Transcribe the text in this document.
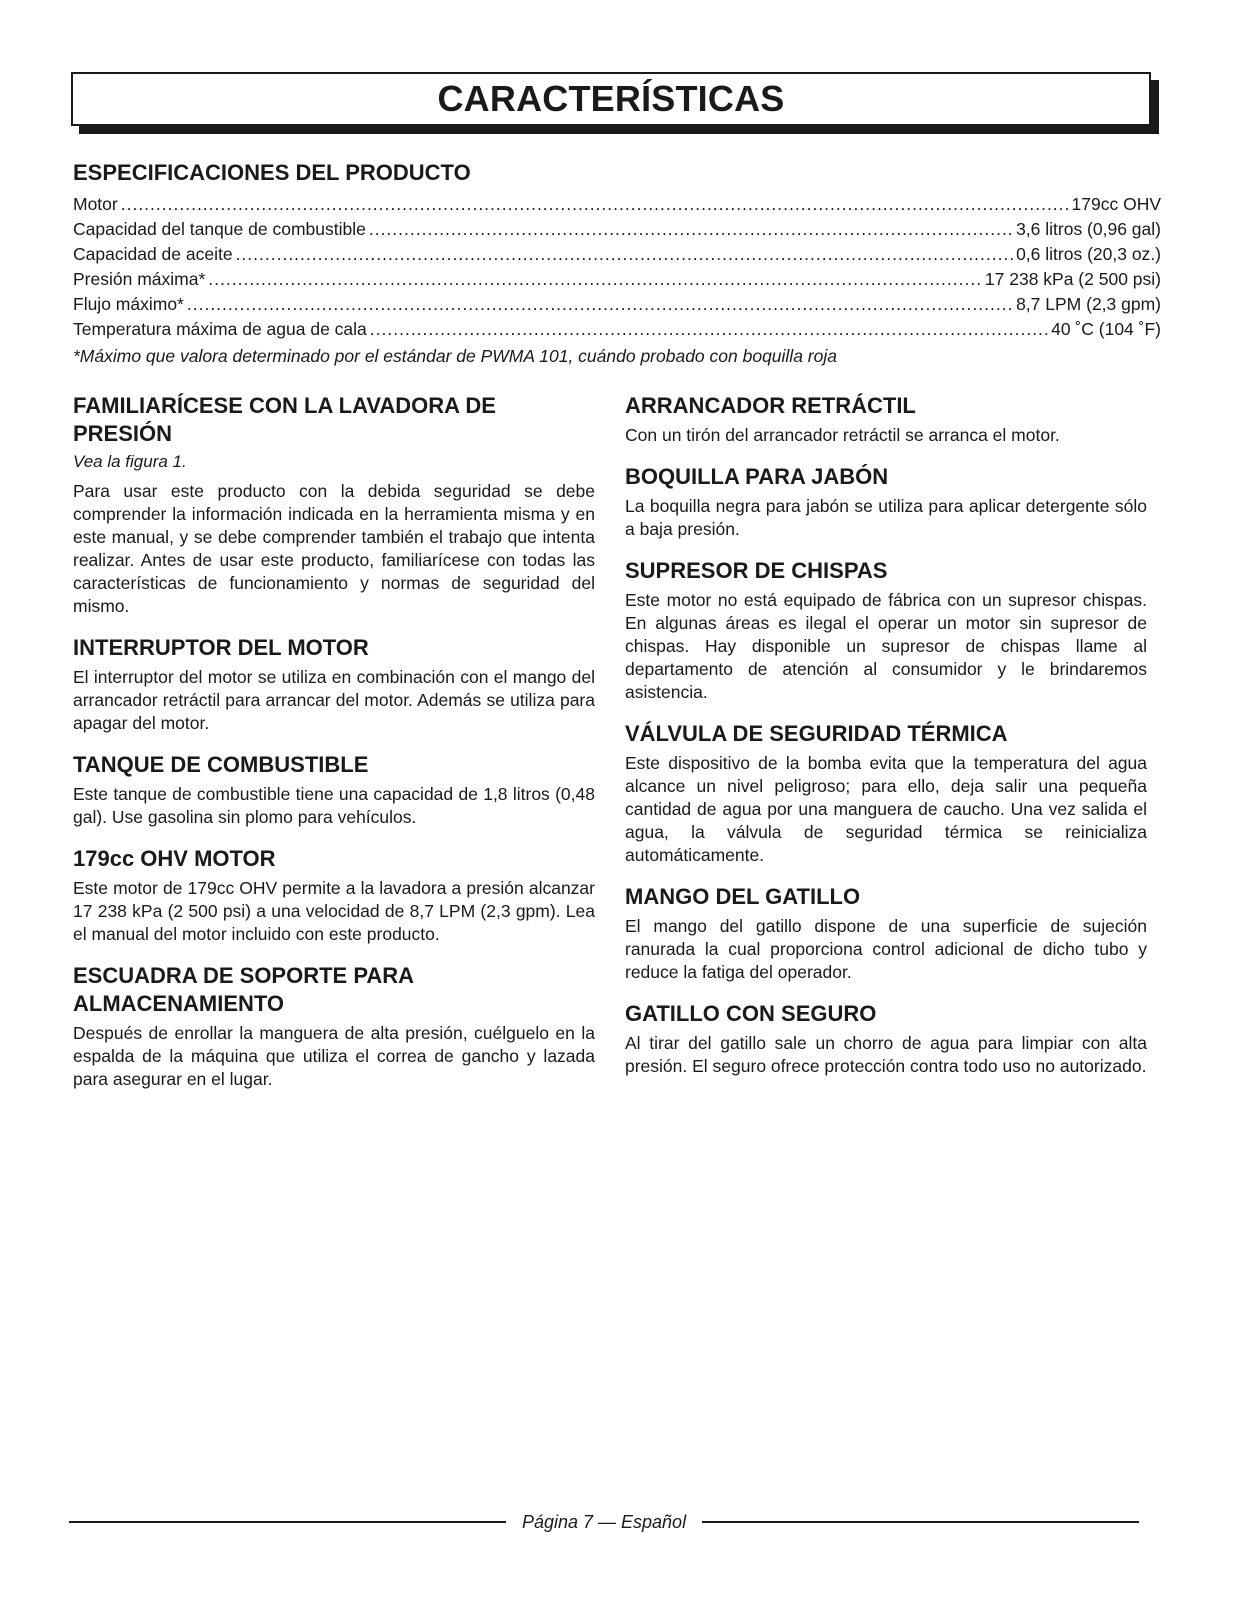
CARACTERÍSTICAS
ESPECIFICACIONES DEL PRODUCTO
Motor .....	179cc OHV
Capacidad del tanque de combustible .....	3,6 litros (0,96 gal)
Capacidad de aceite .....	0,6 litros (20,3 oz.)
Presión máxima* .....	17 238 kPa (2 500 psi)
Flujo máximo* .....	8,7 LPM (2,3 gpm)
Temperatura máxima de agua de cala .....	40 ˚C (104 ˚F)
*Máximo que valora determinado por el estándar de PWMA 101, cuándo probado con boquilla roja
FAMILIARÍCESE CON LA LAVADORA DE PRESIÓN
Vea la figura 1.

Para usar este producto con la debida seguridad se debe comprender la información indicada en la herramienta misma y en este manual, y se debe comprender también el trabajo que intenta realizar. Antes de usar este producto, familiarícese con todas las características de funcionamiento y normas de seguridad del mismo.

INTERRUPTOR DEL MOTOR

El interruptor del motor se utiliza en combinación con el mango del arrancador retráctil para arrancar del motor. Además se utiliza para apagar del motor.

TANQUE DE COMBUSTIBLE

Este tanque de combustible tiene una capacidad de 1,8 litros (0,48 gal). Use gasolina sin plomo para vehículos.

179cc OHV MOTOR

Este motor de 179cc OHV permite a la lavadora a presión alcanzar 17 238 kPa (2 500 psi) a una velocidad de 8,7 LPM (2,3 gpm). Lea el manual del motor incluido con este producto.

ESCUADRA DE SOPORTE PARA ALMACENAMIENTO

Después de enrollar la manguera de alta presión, cuélguelo en la espalda de la máquina que utiliza el correa de gancho y lazada para asegurar en el lugar.

ARRANCADOR RETRÁCTIL

Con un tirón del arrancador retráctil se arranca el motor.

BOQUILLA PARA JABÓN

La boquilla negra para jabón se utiliza para aplicar detergente sólo a baja presión.

SUPRESOR DE CHISPAS

Este motor no está equipado de fábrica con un supresor chispas. En algunas áreas es ilegal el operar un motor sin supresor de chispas. Hay disponible un supresor de chispas llame al departamento de atención al consumidor y le brindaremos asistencia.

VÁLVULA DE SEGURIDAD TÉRMICA

Este dispositivo de la bomba evita que la temperatura del agua alcance un nivel peligroso; para ello, deja salir una pequeña cantidad de agua por una manguera de caucho. Una vez salida el agua, la válvula de seguridad térmica se reinicializa automáticamente.

MANGO DEL GATILLO

El mango del gatillo dispone de una superficie de sujeción ranurada la cual proporciona control adicional de dicho tubo y reduce la fatiga del operador.

GATILLO CON SEGURO

Al tirar del gatillo sale un chorro de agua para limpiar con alta presión. El seguro ofrece protección contra todo uso no autorizado.

Página 7 — Español
